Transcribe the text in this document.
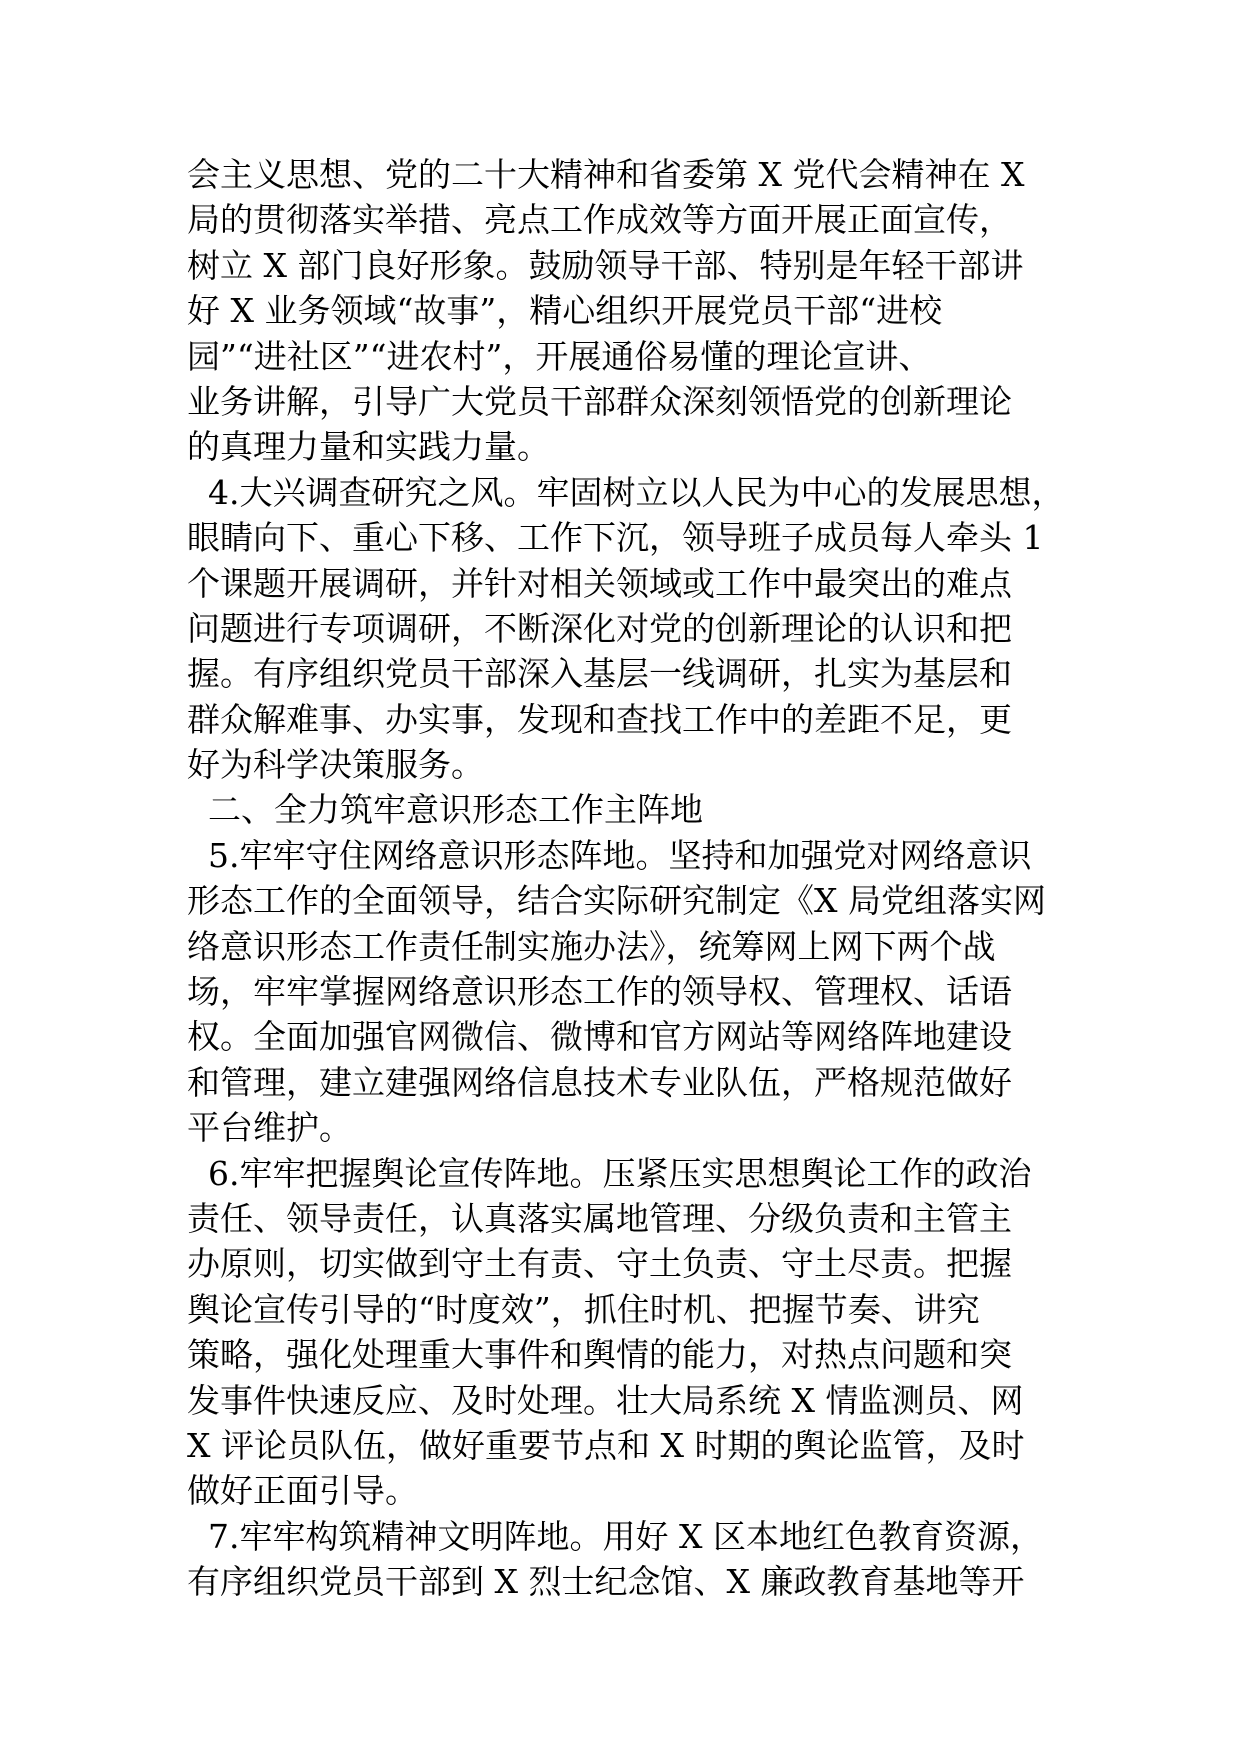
会主义思想、党的二十大精神和省委第 X 党代会精神在 X
局的贯彻落实举措、亮点工作成效等方面开展正面宣传，
树立 X 部门良好形象。鼓励领导干部、特别是年轻干部讲
好 X 业务领域“故事”，精心组织开展党员干部“进校
园”“进社区”“进农村”，开展通俗易懂的理论宣讲、
业务讲解，引导广大党员干部群众深刻领悟党的创新理论
的真理力量和实践力量。
4.大兴调查研究之风。牢固树立以人民为中心的发展思想，
眼睛向下、重心下移、工作下沉，领导班子成员每人牵头 1
个课题开展调研，并针对相关领域或工作中最突出的难点
问题进行专项调研，不断深化对党的创新理论的认识和把
握。有序组织党员干部深入基层一线调研，扎实为基层和
群众解难事、办实事，发现和查找工作中的差距不足，更
好为科学决策服务。
二、全力筑牢意识形态工作主阵地
5.牢牢守住网络意识形态阵地。坚持和加强党对网络意识
形态工作的全面领导，结合实际研究制定《X 局党组落实网
络意识形态工作责任制实施办法》，统筹网上网下两个战
场，牢牢掌握网络意识形态工作的领导权、管理权、话语
权。全面加强官网微信、微博和官方网站等网络阵地建设
和管理，建立建强网络信息技术专业队伍，严格规范做好
平台维护。
6.牢牢把握舆论宣传阵地。压紧压实思想舆论工作的政治
责任、领导责任，认真落实属地管理、分级负责和主管主
办原则，切实做到守土有责、守土负责、守土尽责。把握
舆论宣传引导的“时度效”，抓住时机、把握节奏、讲究
策略，强化处理重大事件和舆情的能力，对热点问题和突
发事件快速反应、及时处理。壮大局系统 X 情监测员、网
X 评论员队伍，做好重要节点和 X 时期的舆论监管，及时
做好正面引导。
7.牢牢构筑精神文明阵地。用好 X 区本地红色教育资源，
有序组织党员干部到 X 烈士纪念馆、X 廉政教育基地等开
